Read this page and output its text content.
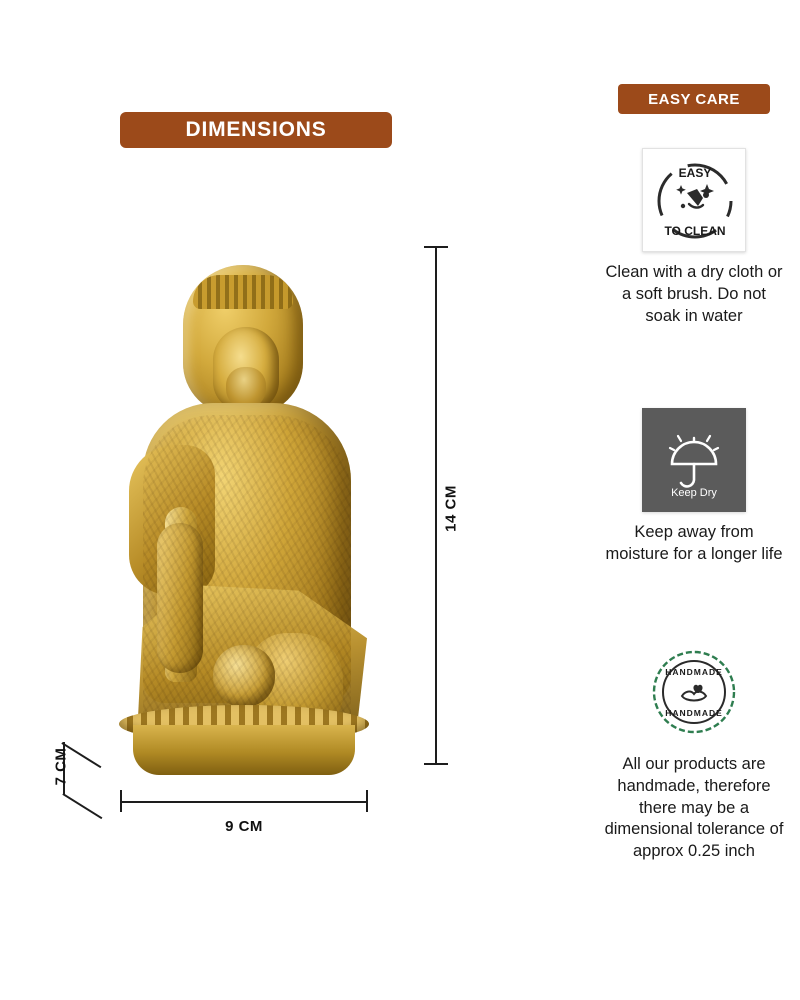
DIMENSIONS
14 CM
7 CM
9 CM
EASY CARE
EASY
TO CLEAN
Clean with a dry cloth or a soft brush. Do not soak in water
Keep Dry
Keep away from moisture for a longer life
HANDMADE
HANDMADE
All our products are handmade, therefore there may be a dimensional tolerance of approx 0.25 inch
